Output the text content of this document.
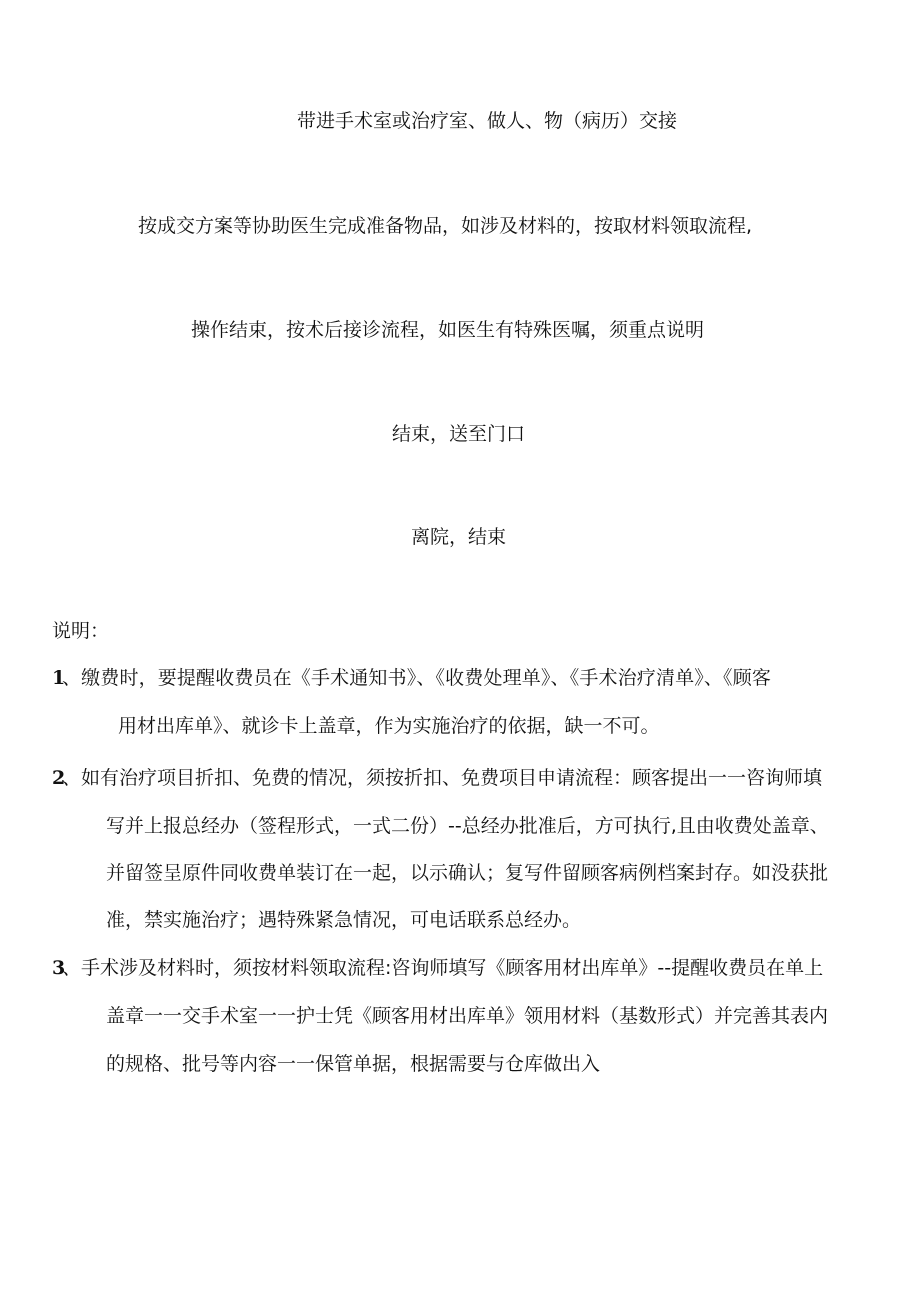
带进手术室或治疗室、做人、物（病历）交接
按成交方案等协助医生完成准备物品，如涉及材料的，按取材料领取流程,
操作结束，按术后接诊流程，如医生有特殊医嘱，须重点说明
结束，送至门口
离院，结束
说明：
1
、缴费时，要提醒收费员在《手术通知书》、《收费处理单》、《手术治疗清单》、《顾客
用材出库单》、就诊卡上盖章，作为实施治疗的依据，缺一不可。
2
、如有治疗项目折扣、免费的情况，须按折扣、免费项目申请流程：顾客提出一一咨询师填
写并上报总经办（签程形式，一式二份）--总经办批准后，方可执行,且由收费处盖章、
并留签呈原件同收费单装订在一起，以示确认；复写件留顾客病例档案封存。如没获批
准，禁实施治疗；遇特殊紧急情况，可电话联系总经办。
3
、手术涉及材料时，须按材料领取流程:咨询师填写《顾客用材出库单》--提醒收费员在单上
盖章一一交手术室一一护士凭《顾客用材出库单》领用材料（基数形式）并完善其表内
的规格、批号等内容一一保管单据，根据需要与仓库做出入
